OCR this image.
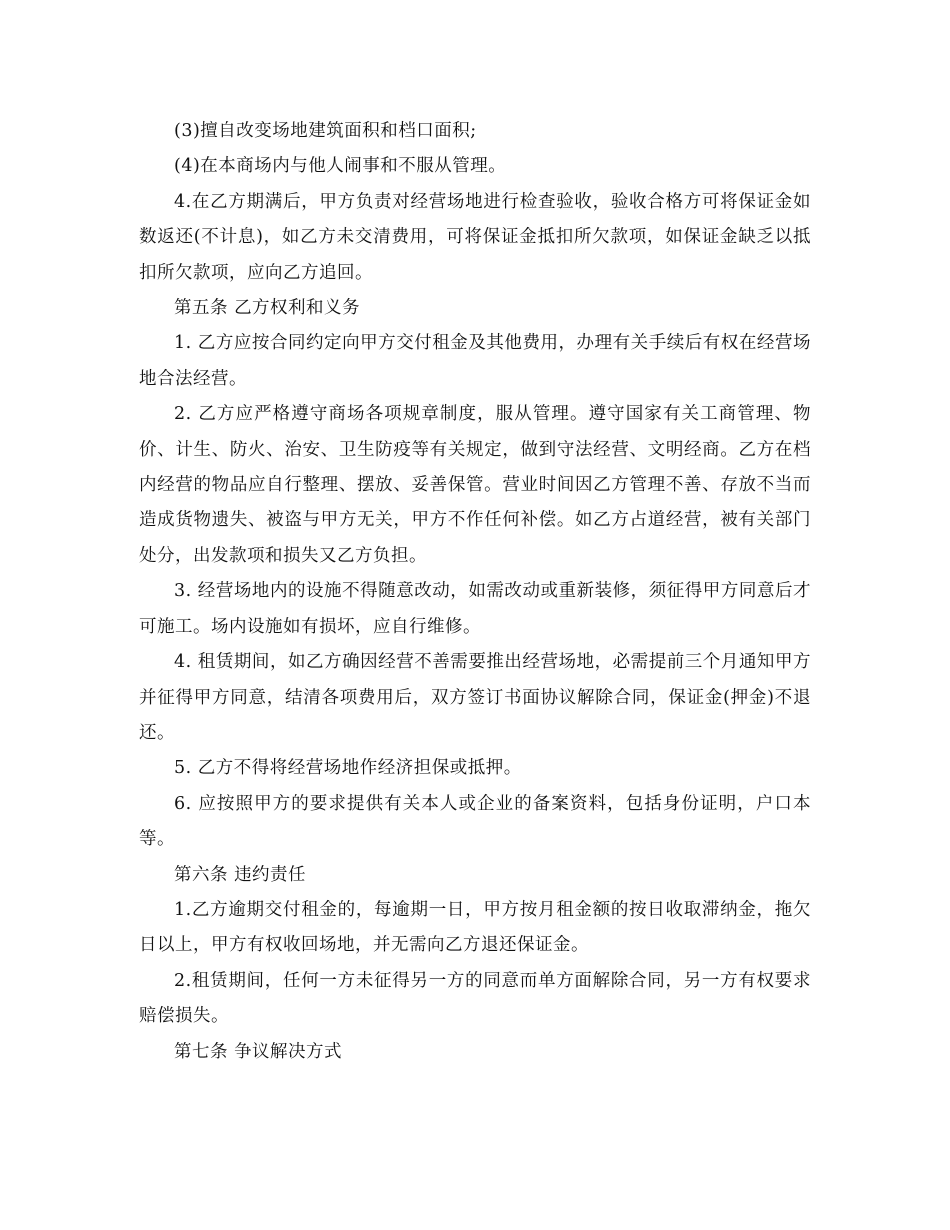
(3)擅自改变场地建筑面积和档口面积;

(4)在本商场内与他人闹事和不服从管理。

4.在乙方期满后，甲方负责对经营场地进行检查验收，验收合格方可将保证金如数返还(不计息)，如乙方未交清费用，可将保证金抵扣所欠款项，如保证金缺乏以抵扣所欠款项，应向乙方追回。

第五条 乙方权利和义务

1. 乙方应按合同约定向甲方交付租金及其他费用，办理有关手续后有权在经营场地合法经营。

2. 乙方应严格遵守商场各项规章制度，服从管理。遵守国家有关工商管理、物价、计生、防火、治安、卫生防疫等有关规定，做到守法经营、文明经商。乙方在档内经营的物品应自行整理、摆放、妥善保管。营业时间因乙方管理不善、存放不当而造成货物遗失、被盗与甲方无关，甲方不作任何补偿。如乙方占道经营，被有关部门处分，出发款项和损失又乙方负担。

3. 经营场地内的设施不得随意改动，如需改动或重新装修，须征得甲方同意后才可施工。场内设施如有损坏，应自行维修。

4. 租赁期间，如乙方确因经营不善需要推出经营场地，必需提前三个月通知甲方并征得甲方同意，结清各项费用后，双方签订书面协议解除合同，保证金(押金)不退还。

5. 乙方不得将经营场地作经济担保或抵押。

6. 应按照甲方的要求提供有关本人或企业的备案资料，包括身份证明，户口本等。

第六条 违约责任

1.乙方逾期交付租金的，每逾期一日，甲方按月租金额的按日收取滞纳金，拖欠日以上，甲方有权收回场地，并无需向乙方退还保证金。

2.租赁期间，任何一方未征得另一方的同意而单方面解除合同，另一方有权要求赔偿损失。

第七条 争议解决方式
